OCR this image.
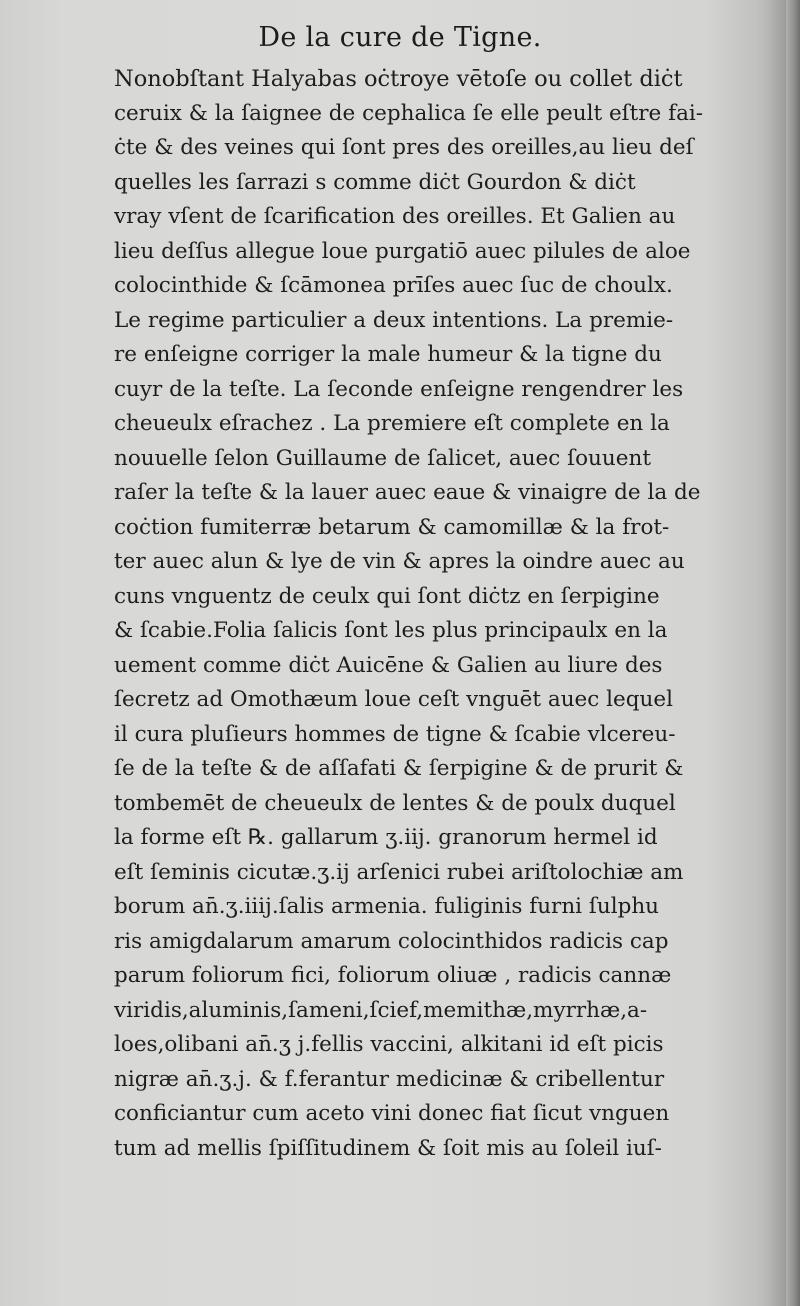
De la cure de Tigne.
Nonobſtant Halyabas oċtroye vētoſe ou collet diċt
ceruix & la ſaignee de cephalica ſe elle peult eſtre fai-
ċte & des veines qui ſont pres des oreilles,au lieu deſ
quelles les ſarrazi s comme diċt Gourdon & diċt
vray vſent de ſcarification des oreilles. Et Galien au
lieu deſſus allegue loue purgatiō auec pilules de aloe
colocinthide & ſcāmonea prīſes auec ſuc de choulx.
Le regime particulier a deux intentions. La premie-
re enſeigne corriger la male humeur & la tigne du
cuyr de la teſte. La ſeconde enſeigne rengendrer les
cheueulx eſrachez . La premiere eſt complete en la
nouuelle ſelon Guillaume de ſalicet, auec ſouuent
raſer la teſte & la lauer auec eaue & vinaigre de la de
coċtion fumiterræ betarum & camomillæ & la frot-
ter auec alun & lye de vin & apres la oindre auec au
cuns vnguentz de ceulx qui ſont diċtz en ſerpigine
& ſcabie.Folia ſalicis ſont les plus principaulx en la
uement comme diċt Auicēne & Galien au liure des
ſecretz ad Omothæum loue ceſt vnguēt auec lequel
il cura pluſieurs hommes de tigne & ſcabie vlcereu-
ſe de la teſte & de aſſafati & ſerpigine & de prurit &
tombemēt de cheueulx de lentes & de poulx duquel
la forme eſt ℞. gallarum ʒ.iij. granorum hermel id
eſt ſeminis cicutæ.ʒ.ij arſenici rubei ariſtolochiæ am
borum an̄.ʒ.iiij.ſalis armenia. fuliginis furni ſulphu
ris amigdalarum amarum colocinthidos radicis cap
parum foliorum fici, foliorum oliuæ , radicis cannæ
viridis,aluminis,ſameni,ſcief,memithæ,myrrhæ,a-
loes,olibani an̄.ʒ j.fellis vaccini, alkitani id eſt picis
nigræ an̄.ʒ.j. & f.ferantur medicinæ & cribellentur
conficiantur cum aceto vini donec fiat ſicut vnguen
tum ad mellis ſpiſſitudinem & ſoit mis au ſoleil iuſ-
